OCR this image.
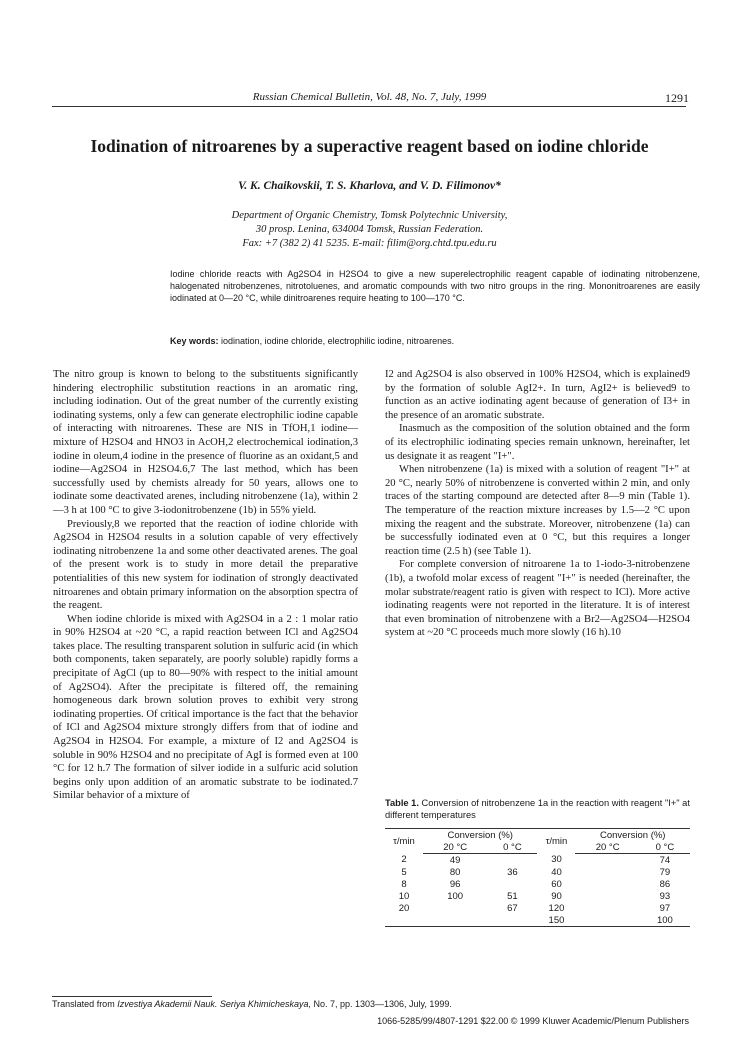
Russian Chemical Bulletin, Vol. 48, No. 7, July, 1999	1291
Iodination of nitroarenes by a superactive reagent based on iodine chloride
V. K. Chaikovskii, T. S. Kharlova, and V. D. Filimonov*
Department of Organic Chemistry, Tomsk Polytechnic University,
30 prosp. Lenina, 634004 Tomsk, Russian Federation.
Fax: +7 (382 2) 41 5235. E-mail: filim@org.chtd.tpu.edu.ru
Iodine chloride reacts with Ag2SO4 in H2SO4 to give a new superelectrophilic reagent capable of iodinating nitrobenzene, halogenated nitrobenzenes, nitrotoluenes, and aromatic compounds with two nitro groups in the ring. Mononitroarenes are easily iodinated at 0—20 °C, while dinitroarenes require heating to 100—170 °C.
Key words: iodination, iodine chloride, electrophilic iodine, nitroarenes.

The nitro group is known to belong to the substituents significantly hindering electrophilic substitution reactions in an aromatic ring, including iodination. Out of the great number of the currently existing iodinating systems, only a few can generate electrophilic iodine capable of interacting with nitroarenes. These are NIS in TfOH,1 iodine—mixture of H2SO4 and HNO3 in AcOH,2 electrochemical iodination,3 iodine in oleum,4 iodine in the presence of fluorine as an oxidant,5 and iodine—Ag2SO4 in H2SO4.6,7 The last method, which has been successfully used by chemists already for 50 years, allows one to iodinate some deactivated arenes, including nitrobenzene (1a), within 2—3 h at 100 °C to give 3-iodonitrobenzene (1b) in 55% yield.

Previously,8 we reported that the reaction of iodine chloride with Ag2SO4 in H2SO4 results in a solution capable of very effectively iodinating nitrobenzene 1a and some other deactivated arenes. The goal of the present work is to study in more detail the preparative potentialities of this new system for iodination of strongly deactivated nitroarenes and obtain primary information on the absorption spectra of the reagent.

When iodine chloride is mixed with Ag2SO4 in a 2 : 1 molar ratio in 90% H2SO4 at ~20 °C, a rapid reaction between ICl and Ag2SO4 takes place. The resulting transparent solution in sulfuric acid (in which both components, taken separately, are poorly soluble) rapidly forms a precipitate of AgCl (up to 80—90% with respect to the initial amount of Ag2SO4). After the precipitate is filtered off, the remaining homogeneous dark brown solution proves to exhibit very strong iodinating properties. Of critical importance is the fact that the behavior of ICl and Ag2SO4 mixture strongly differs from that of iodine and Ag2SO4 in H2SO4. For example, a mixture of I2 and Ag2SO4 is soluble in 90% H2SO4 and no precipitate of AgI is formed even at 100 °C for 12 h.7 The formation of silver iodide in a sulfuric acid solution begins only upon addition of an aromatic substrate to be iodinated.7 Similar behavior of a mixture of

I2 and Ag2SO4 is also observed in 100% H2SO4, which is explained9 by the formation of soluble AgI2+. In turn, AgI2+ is believed9 to function as an active iodinating agent because of generation of I3+ in the presence of an aromatic substrate.

Inasmuch as the composition of the solution obtained and the form of its electrophilic iodinating species remain unknown, hereinafter, let us designate it as reagent "I+".

When nitrobenzene (1a) is mixed with a solution of reagent "I+" at 20 °C, nearly 50% of nitrobenzene is converted within 2 min, and only traces of the starting compound are detected after 8—9 min (Table 1). The temperature of the reaction mixture increases by 1.5—2 °C upon mixing the reagent and the substrate. Moreover, nitrobenzene (1a) can be successfully iodinated even at 0 °C, but this requires a longer reaction time (2.5 h) (see Table 1).

For complete conversion of nitroarene 1a to 1-iodo-3-nitrobenzene (1b), a twofold molar excess of reagent "I+" is needed (hereinafter, the molar substrate/reagent ratio is given with respect to ICl). More active iodinating reagents were not reported in the literature. It is of interest that even bromination of nitrobenzene with a Br2—Ag2SO4—H2SO4 system at ~20 °C proceeds much more slowly (16 h).10

Table 1. Conversion of nitrobenzene 1a in the reaction with reagent "I+" at different temperatures
τ/min	Conversion (%)		τ/min	Conversion (%)	
	20 °C	0 °C		20 °C	0 °C
2	49		30		74
5	80	36	40		79
8	96		60		86
10	100	51	90		93
20		67	120		97
			150		100
Translated from Izvestiya Akademii Nauk. Seriya Khimicheskaya, No. 7, pp. 1303—1306, July, 1999.
1066-5285/99/4807-1291 $22.00 © 1999 Kluwer Academic/Plenum Publishers
